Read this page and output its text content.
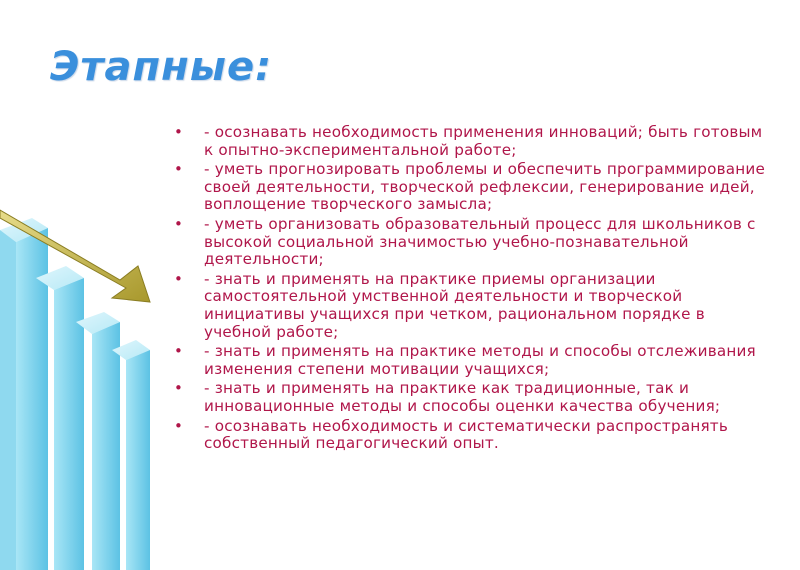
Этапные:
• - осознавать необходимость применения инноваций; быть готовым к опытно-экспериментальной работе;
• - уметь прогнозировать проблемы и обеспечить программирование своей деятельности, творческой рефлексии, генерирование идей, воплощение творческого замысла;
• - уметь организовать образовательный процесс для школьников с высокой социальной значимостью учебно-познавательной деятельности;
• - знать и применять на практике приемы организации самостоятельной умственной деятельности и творческой инициативы учащихся при четком, рациональном порядке в учебной работе;
• - знать и применять на практике методы и способы отслеживания изменения степени мотивации учащихся;
• - знать и применять на практике как традиционные, так и инновационные методы и способы оценки качества обучения;
• - осознавать необходимость и систематически распространять собственный педагогический опыт.
